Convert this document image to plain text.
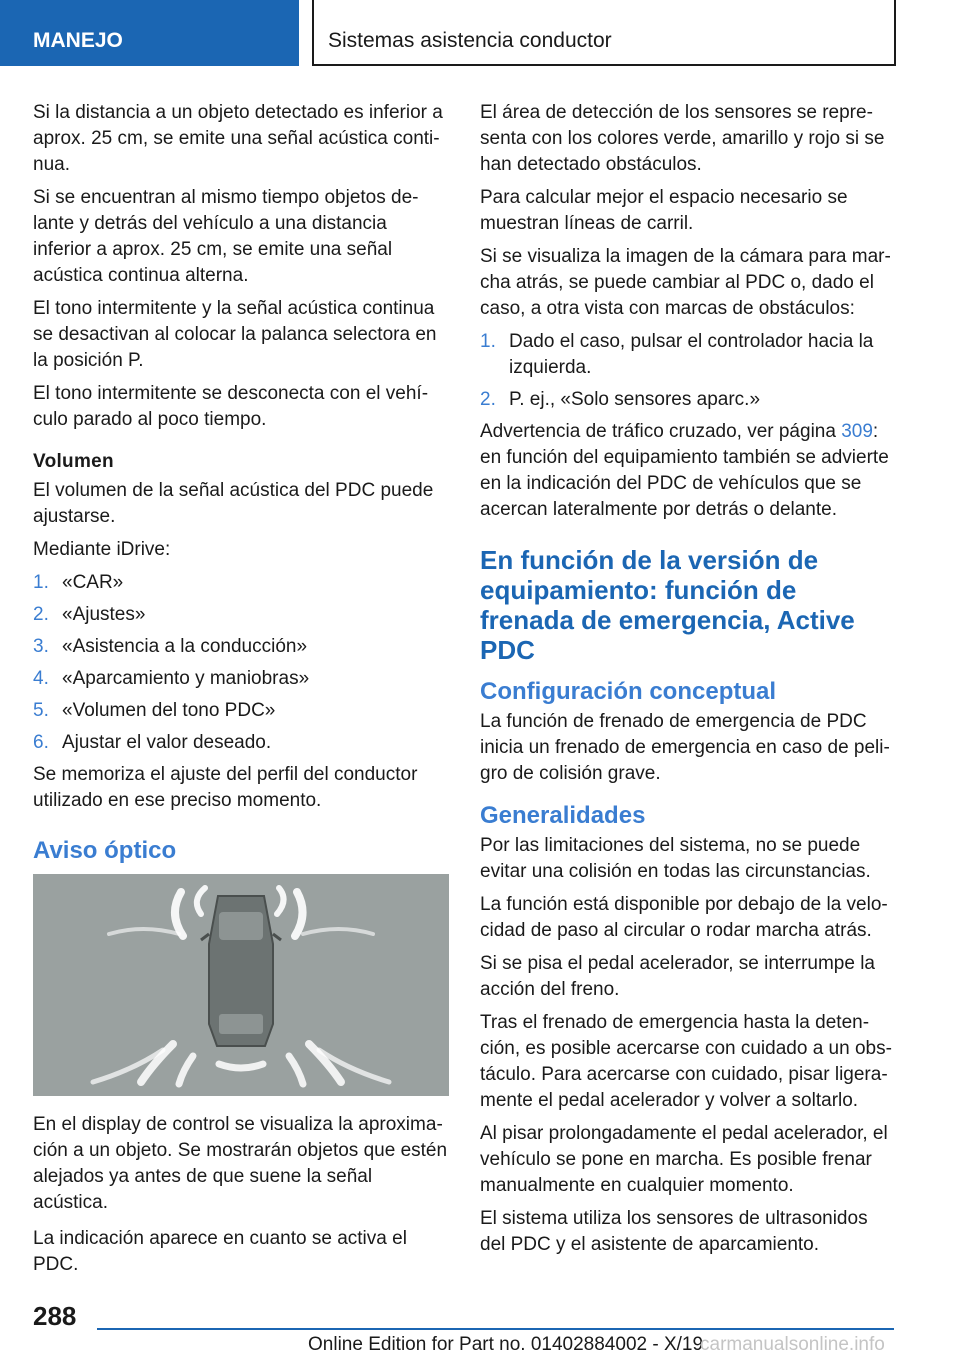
MANEJO	Sistemas asistencia conductor

Si la distancia a un objeto detectado es inferior a aprox. 25 cm, se emite una señal acústica continua.

Si se encuentran al mismo tiempo objetos delante y detrás del vehículo a una distancia inferior a aprox. 25 cm, se emite una señal acústica continua alterna.

El tono intermitente y la señal acústica continua se desactivan al colocar la palanca selectora en la posición P.

El tono intermitente se desconecta con el vehículo parado al poco tiempo.

Volumen

El volumen de la señal acústica del PDC puede ajustarse.

Mediante iDrive:

1. «CAR»
2. «Ajustes»
3. «Asistencia a la conducción»
4. «Aparcamiento y maniobras»
5. «Volumen del tono PDC»
6. Ajustar el valor deseado.

Se memoriza el ajuste del perfil del conductor utilizado en ese preciso momento.

Aviso óptico

En el display de control se visualiza la aproximación a un objeto. Se mostrarán objetos que estén alejados ya antes de que suene la señal acústica.

La indicación aparece en cuanto se activa el PDC.

El área de detección de los sensores se representa con los colores verde, amarillo y rojo si se han detectado obstáculos.

Para calcular mejor el espacio necesario se muestran líneas de carril.

Si se visualiza la imagen de la cámara para marcha atrás, se puede cambiar al PDC o, dado el caso, a otra vista con marcas de obstáculos:

1. Dado el caso, pulsar el controlador hacia la izquierda.
2. P. ej., «Solo sensores aparc.»

Advertencia de tráfico cruzado, ver página 309: en función del equipamiento también se advierte en la indicación del PDC de vehículos que se acercan lateralmente por detrás o delante.

En función de la versión de equipamiento: función de frenada de emergencia, Active PDC
Configuración conceptual

La función de frenado de emergencia de PDC inicia un frenado de emergencia en caso de peligro de colisión grave.

Generalidades

Por las limitaciones del sistema, no se puede evitar una colisión en todas las circunstancias.

La función está disponible por debajo de la velocidad de paso al circular o rodar marcha atrás.

Si se pisa el pedal acelerador, se interrumpe la acción del freno.

Tras el frenado de emergencia hasta la detención, es posible acercarse con cuidado a un obstáculo. Para acercarse con cuidado, pisar ligeramente el pedal acelerador y volver a soltarlo.

Al pisar prolongadamente el pedal acelerador, el vehículo se pone en marcha. Es posible frenar manualmente en cualquier momento.

El sistema utiliza los sensores de ultrasonidos del PDC y el asistente de aparcamiento.

288
Online Edition for Part no. 01402884002 - X/19
carmanualsonline.info
